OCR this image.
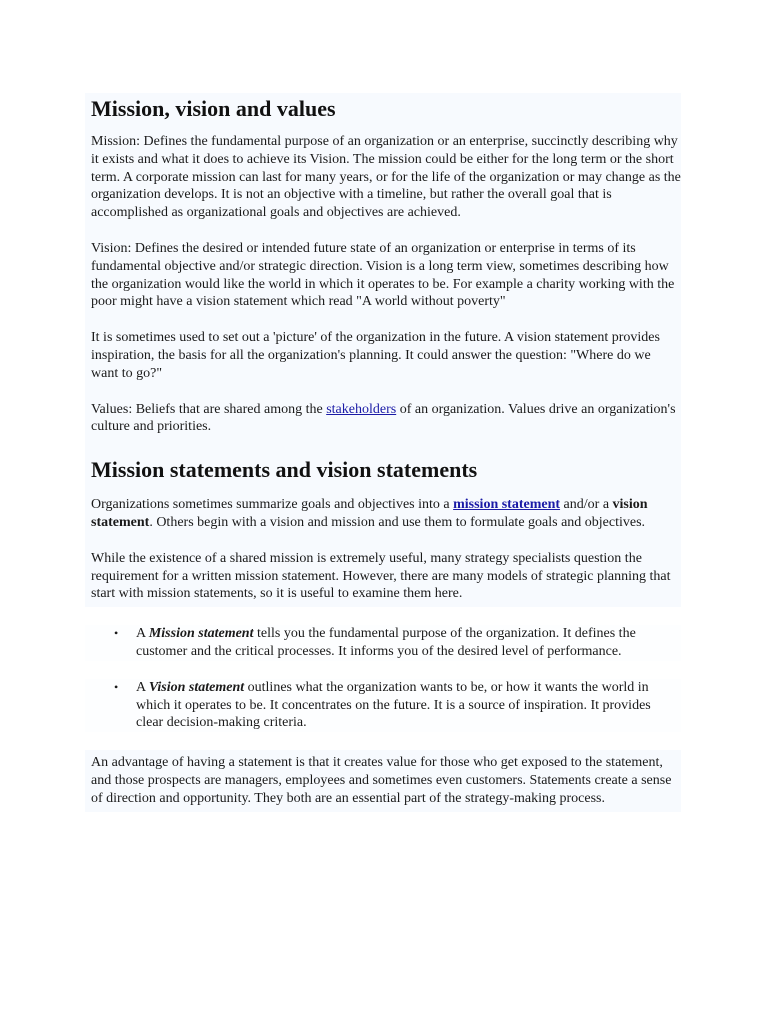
Mission, vision and values

Mission: Defines the fundamental purpose of an organization or an enterprise, succinctly describing why it exists and what it does to achieve its Vision. The mission could be either for the long term or the short term. A corporate mission can last for many years, or for the life of the organization or may change as the organization develops. It is not an objective with a timeline, but rather the overall goal that is accomplished as organizational goals and objectives are achieved.

Vision: Defines the desired or intended future state of an organization or enterprise in terms of its fundamental objective and/or strategic direction. Vision is a long term view, sometimes describing how the organization would like the world in which it operates to be. For example a charity working with the poor might have a vision statement which read "A world without poverty"

It is sometimes used to set out a 'picture' of the organization in the future. A vision statement provides inspiration, the basis for all the organization's planning. It could answer the question: "Where do we want to go?"

Values: Beliefs that are shared among the stakeholders of an organization. Values drive an organization's culture and priorities.

Mission statements and vision statements

Organizations sometimes summarize goals and objectives into a mission statement and/or a vision statement. Others begin with a vision and mission and use them to formulate goals and objectives.

While the existence of a shared mission is extremely useful, many strategy specialists question the requirement for a written mission statement. However, there are many models of strategic planning that start with mission statements, so it is useful to examine them here.

• A Mission statement tells you the fundamental purpose of the organization. It defines the customer and the critical processes. It informs you of the desired level of performance.
• A Vision statement outlines what the organization wants to be, or how it wants the world in which it operates to be. It concentrates on the future. It is a source of inspiration. It provides clear decision-making criteria.

An advantage of having a statement is that it creates value for those who get exposed to the statement, and those prospects are managers, employees and sometimes even customers. Statements create a sense of direction and opportunity. They both are an essential part of the strategy-making process.
